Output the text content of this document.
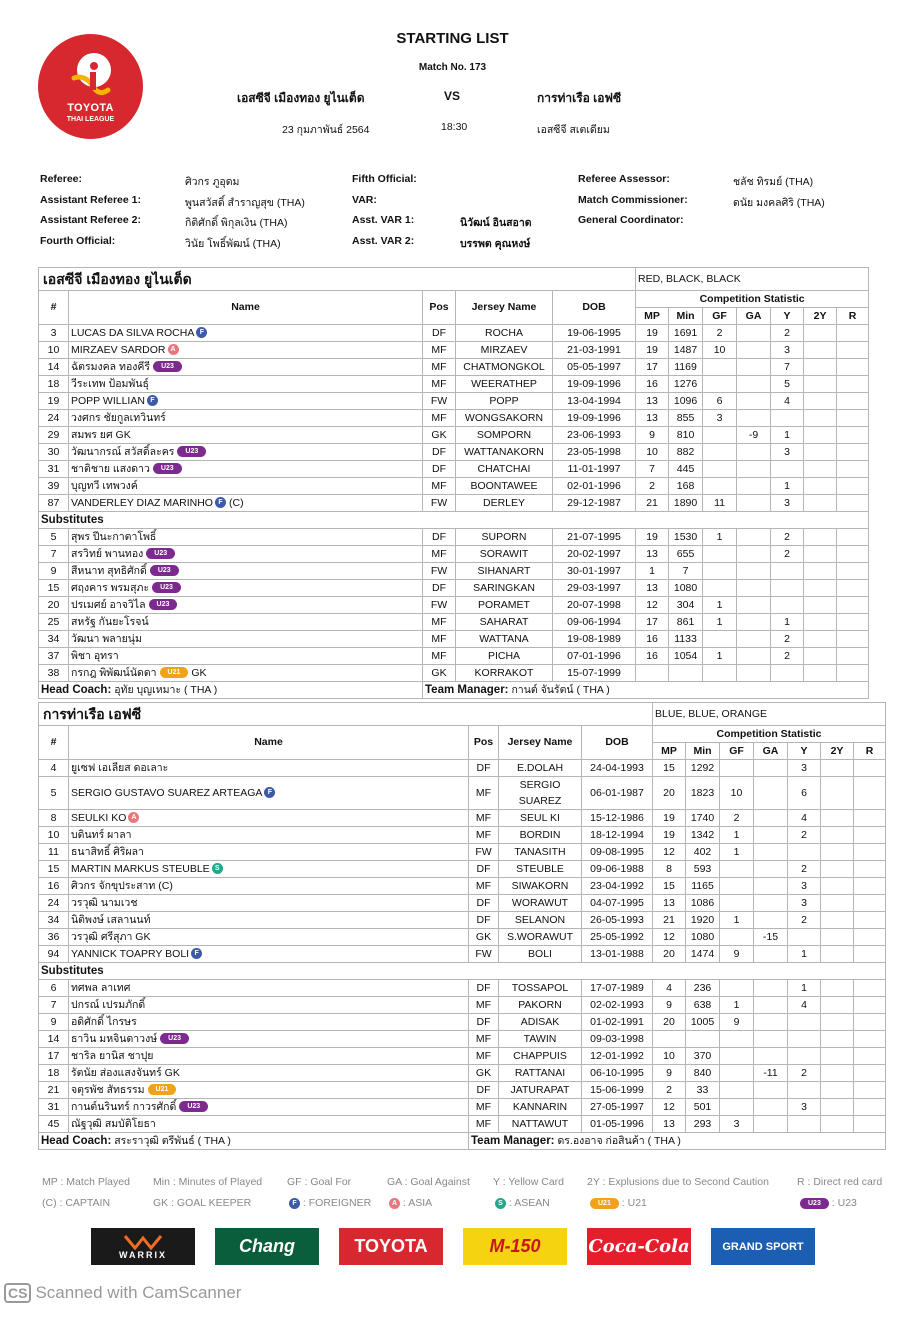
TOYOTA
THAI LEAGUE
STARTING LIST
Match No. 173
เอสซีจี เมืองทอง ยูไนเต็ด	VS	การท่าเรือ เอฟซี
23 กุมภาพันธ์ 2564	18:30	เอสซีจี สเตเดียม
Referee:	ศิวกร ภูอุดม
Assistant Referee 1:	พูนสวัสดิ์ สำราญสุข (THA)
Assistant Referee 2:	กิติศักดิ์ พิกุลเงิน (THA)
Fourth Official:	วินัย โพธิ์พัฒน์ (THA)
Fifth Official:
VAR:
Asst. VAR 1:	นิวัฒน์ อินสอาด
Asst. VAR 2:	บรรพต คุณหงษ์
Referee Assessor:	ชลัช ทิรมย์ (THA)
Match Commissioner:	ดนัย มงคลศิริ (THA)
General Coordinator:
เอสซีจี เมืองทอง ยูไนเต็ด					RED, BLACK, BLACK						
#	Name	Pos	Jersey Name	DOB	Competition Statistic						
					MP	Min	GF	GA	Y	2Y	R
3	LUCAS DA SILVA ROCHA F	DF	ROCHA	19-06-1995	19	1691	2		2		
10	MIRZAEV SARDOR A	MF	MIRZAEV	21-03-1991	19	1487	10		3		
14	ฉัตรมงคล ทองคีรี U23	MF	CHATMONGKOL	05-05-1997	17	1169			7		
18	วีระเทพ ป้อมพันธุ์	MF	WEERATHEP	19-09-1996	16	1276			5		
19	POPP WILLIAN F	FW	POPP	13-04-1994	13	1096	6		4		
24	วงศกร ชัยกูลเทวินทร์	MF	WONGSAKORN	19-09-1996	13	855	3				
29	สมพร ยศ GK	GK	SOMPORN	23-06-1993	9	810		-9	1		
30	วัฒนากรณ์ สวัสดิ์ละคร U23	DF	WATTANAKORN	23-05-1998	10	882			3		
31	ชาติชาย แสงดาว U23	DF	CHATCHAI	11-01-1997	7	445					
39	บุญทวี เทพวงค์	MF	BOONTAWEE	02-01-1996	2	168			1		
87	VANDERLEY DIAZ MARINHO F (C)	FW	DERLEY	29-12-1987	21	1890	11		3		
Substitutes											
5	สุพร ปีนะกาตาโพธิ์	DF	SUPORN	21-07-1995	19	1530	1		2		
7	สรวิทย์ พานทอง U23	MF	SORAWIT	20-02-1997	13	655			2		
9	สีหนาท สุทธิศักดิ์ U23	FW	SIHANART	30-01-1997	1	7					
15	ศฤงคาร พรมสุภะ U23	DF	SARINGKAN	29-03-1997	13	1080					
20	ปรเมศย์ อาจวิไล U23	FW	PORAMET	20-07-1998	12	304	1				
25	สหรัฐ กันยะโรจน์	MF	SAHARAT	09-06-1994	17	861	1		1		
34	วัฒนา พลายนุ่ม	MF	WATTANA	19-08-1989	16	1133			2		
37	พิชา อุทรา	MF	PICHA	07-01-1996	16	1054	1		2		
38	กรกฎ พิพัฒน์นัดดา U21 GK	GK	KORRAKOT	15-07-1999							
Head Coach: อุทัย บุญเหมาะ ( THA )		Team Manager: กานต์ จันรัตน์ ( THA )									
การท่าเรือ เอฟซี					BLUE, BLUE, ORANGE						
#	Name	Pos	Jersey Name	DOB	Competition Statistic						
					MP	Min	GF	GA	Y	2Y	R
4	ยูเซฟ เอเลียส ดอเลาะ	DF	E.DOLAH	24-04-1993	15	1292			3		
5	SERGIO GUSTAVO SUAREZ ARTEAGA F	MF	SERGIO SUAREZ	06-01-1987	20	1823	10		6		
8	SEULKI KO A	MF	SEUL KI	15-12-1986	19	1740	2		4		
10	บดินทร์ ผาลา	MF	BORDIN	18-12-1994	19	1342	1		2		
11	ธนาสิทธิ์ ศิริผลา	FW	TANASITH	09-08-1995	12	402	1				
15	MARTIN MARKUS STEUBLE S	DF	STEUBLE	09-06-1988	8	593			2		
16	ศิวกร จักขุประสาท (C)	MF	SIWAKORN	23-04-1992	15	1165			3		
24	วรวุฒิ นามเวช	DF	WORAWUT	04-07-1995	13	1086			3		
34	นิติพงษ์ เสลานนท์	DF	SELANON	26-05-1993	21	1920	1		2		
36	วรวุฒิ ศรีสุภา GK	GK	S.WORAWUT	25-05-1992	12	1080		-15			
94	YANNICK TOAPRY BOLI F	FW	BOLI	13-01-1988	20	1474	9		1		
Substitutes											
6	ทศพล ลาเทศ	DF	TOSSAPOL	17-07-1989	4	236			1		
7	ปกรณ์ เปรมภักดิ์	MF	PAKORN	02-02-1993	9	638	1		4		
9	อดิศักดิ์ ไกรษร	DF	ADISAK	01-02-1991	20	1005	9				
14	ธาวิน มหจินดาวงษ์ U23	MF	TAWIN	09-03-1998							
17	ชาริล ยานิส ชาปุย	MF	CHAPPUIS	12-01-1992	10	370					
18	รัตนัย ส่องแสงจันทร์ GK	GK	RATTANAI	06-10-1995	9	840		-11	2		
21	จตุรพัช สัทธรรม U21	DF	JATURAPAT	15-06-1999	2	33					
31	กานต์นรินทร์ กาวรศักดิ์ U23	MF	KANNARIN	27-05-1997	12	501			3		
45	ณัฐวุฒิ สมบัติโยธา	MF	NATTAWUT	01-05-1996	13	293	3				
Head Coach: สระราวุฒิ ตรีพันธ์ ( THA )		Team Manager: ดร.องอาจ ก่อสินค้า ( THA )									
MP : Match Played Min : Minutes of Played GF : Goal For	GA : Goal Against Y : Yellow Card 2Y : Explusions due to Second Caution	R : Direct red card
(C) : CAPTAIN	GK : GOAL KEEPER	F : FOREIGNER	A : ASIA	S : ASEAN	U21 : U21	U23 : U23
WARRIX	Chang	TOYOTA	M-150	Coca-Cola	GRAND SPORT
CS Scanned with CamScanner
